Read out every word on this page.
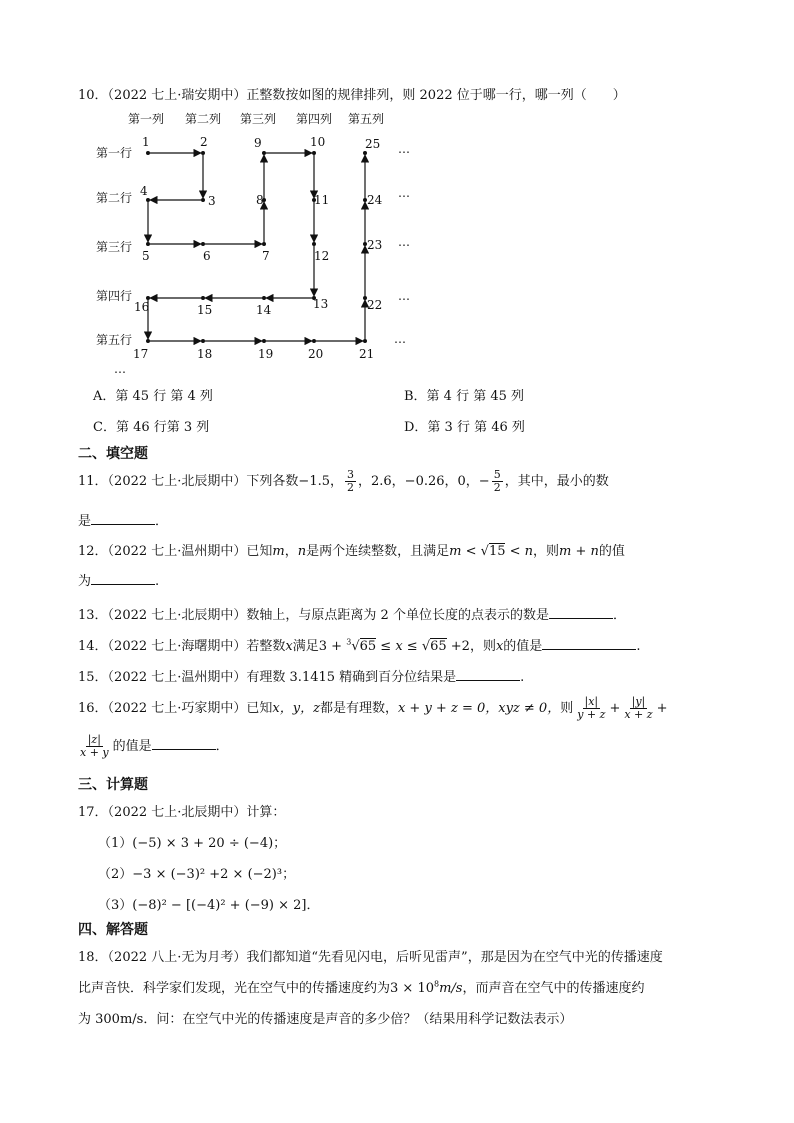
10．（2022 七上·瑞安期中）正整数按如图的规律排列，则 2022 位于哪一行，哪一列（　　）
第一列 第二列 第三列 第四列 第五列
第一行
第二行
第三行
第四行
第五行
1	2
3
4
5	6	7
8
9	10
11
12
13
14
15
16
17	18	19	20	21
22
23
24
25 …
…
…
…
…
…
A．第 45 行 第 4 列	B．第 4 行 第 45 列
C．第 46 行第 3 列	D．第 3 行 第 46 列
二、填空题
11．（2022 七上·北辰期中）下列各数−1.5， $\frac{3}{2}$ ，2.6，−0.26，0，− $\frac{5}{2}$ ，其中，最小的数
是	．
12．（2022 七上·温州期中）已知m，n是两个连续整数，且满足m < √15 < n，则m + n的值
为	.
13．（2022 七上·北辰期中）数轴上，与原点距离为 2 个单位长度的点表示的数是	．
14．（2022 七上·海曙期中）若整数x满足3 + $^3$√65 ≤ x ≤ √65 +2，则x的值是	.
15．（2022 七上·温州期中）有理数 3.1415 精确到百分位结果是	.
16．（2022 七上·巧家期中）已知x，y，z都是有理数，x + y + z = 0，xyz ≠ 0，则 $\frac{|x|}{y + z} + \frac{|y|}{x + z}$ +
$\frac{|z|}{x + y}$ 的值是	．
三、计算题
17．（2022 七上·北辰期中）计算：
（1）(−5) × 3 + 20 ÷ (−4)；
（2）−3 × (−3)² +2 × (−2)³；
（3）(−8)² − [(−4)² + (−9) × 2]．
四、解答题
18．（2022 八上·无为月考）我们都知道“先看见闪电，后听见雷声”，那是因为在空气中光的传播速度
比声音快．科学家们发现，光在空气中的传播速度约为$3 \times 10^8m/s$，而声音在空气中的传播速度约
为 300m/s．问：在空气中光的传播速度是声音的多少倍？（结果用科学记数法表示）
